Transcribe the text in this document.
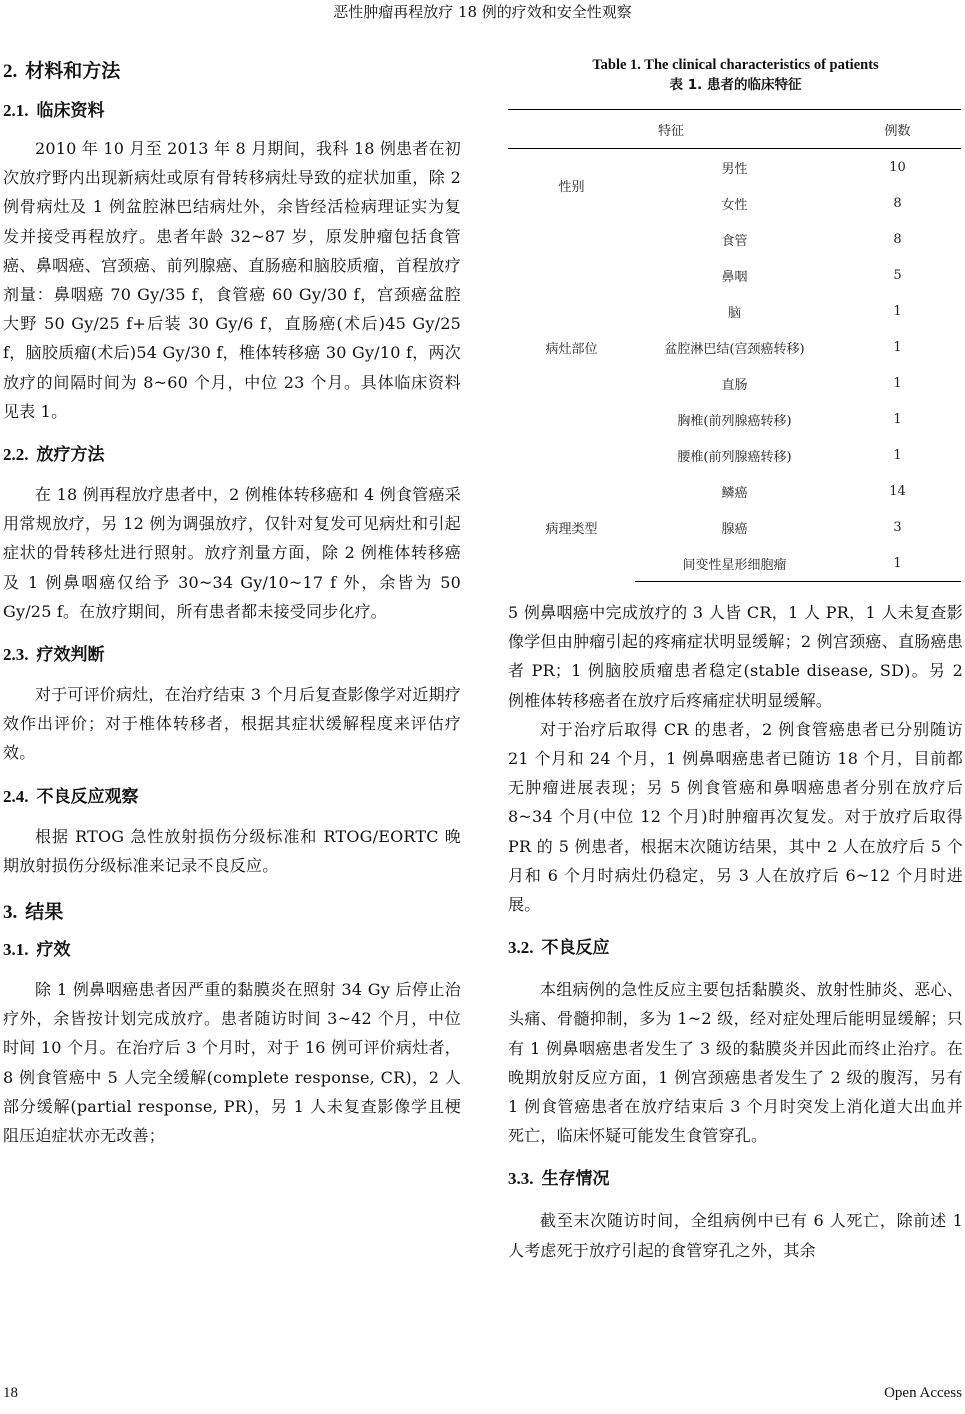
恶性肿瘤再程放疗 18 例的疗效和安全性观察
2. 材料和方法
2.1. 临床资料

2010 年 10 月至 2013 年 8 月期间，我科 18 例患者在初次放疗野内出现新病灶或原有骨转移病灶导致的症状加重，除 2 例骨病灶及 1 例盆腔淋巴结病灶外，余皆经活检病理证实为复发并接受再程放疗。患者年龄 32~87 岁，原发肿瘤包括食管癌、鼻咽癌、宫颈癌、前列腺癌、直肠癌和脑胶质瘤，首程放疗剂量：鼻咽癌 70 Gy/35 f，食管癌 60 Gy/30 f，宫颈癌盆腔大野 50 Gy/25 f+后装 30 Gy/6 f，直肠癌(术后)45 Gy/25 f，脑胶质瘤(术后)54 Gy/30 f，椎体转移癌 30 Gy/10 f，两次放疗的间隔时间为 8~60 个月，中位 23 个月。具体临床资料见表 1。

2.2. 放疗方法

在 18 例再程放疗患者中，2 例椎体转移癌和 4 例食管癌采用常规放疗，另 12 例为调强放疗，仅针对复发可见病灶和引起症状的骨转移灶进行照射。放疗剂量方面，除 2 例椎体转移癌及 1 例鼻咽癌仅给予 30~34 Gy/10~17 f 外，余皆为 50 Gy/25 f。在放疗期间，所有患者都未接受同步化疗。

2.3. 疗效判断

对于可评价病灶，在治疗结束 3 个月后复查影像学对近期疗效作出评价；对于椎体转移者，根据其症状缓解程度来评估疗效。

2.4. 不良反应观察

根据 RTOG 急性放射损伤分级标准和 RTOG/EORTC 晚期放射损伤分级标准来记录不良反应。

3. 结果
3.1. 疗效

除 1 例鼻咽癌患者因严重的黏膜炎在照射 34 Gy 后停止治疗外，余皆按计划完成放疗。患者随访时间 3~42 个月，中位时间 10 个月。在治疗后 3 个月时，对于 16 例可评价病灶者，8 例食管癌中 5 人完全缓解(complete response, CR)，2 人部分缓解(partial response, PR)，另 1 人未复查影像学且梗阻压迫症状亦无改善；

Table 1. The clinical characteristics of patients
表 1. 患者的临床特征
特征		例数
性别	男性	10
	女性	8
病灶部位	食管	8
	鼻咽	5
	脑	1
	盆腔淋巴结(宫颈癌转移)	1
	直肠	1
	胸椎(前列腺癌转移)	1
	腰椎(前列腺癌转移)	1
病理类型	鳞癌	14
	腺癌	3
	间变性星形细胞瘤	1

5 例鼻咽癌中完成放疗的 3 人皆 CR，1 人 PR，1 人未复查影像学但由肿瘤引起的疼痛症状明显缓解；2 例宫颈癌、直肠癌患者 PR；1 例脑胶质瘤患者稳定(stable disease, SD)。另 2 例椎体转移癌者在放疗后疼痛症状明显缓解。

对于治疗后取得 CR 的患者，2 例食管癌患者已分别随访 21 个月和 24 个月，1 例鼻咽癌患者已随访 18 个月，目前都无肿瘤进展表现；另 5 例食管癌和鼻咽癌患者分别在放疗后 8~34 个月(中位 12 个月)时肿瘤再次复发。对于放疗后取得 PR 的 5 例患者，根据末次随访结果，其中 2 人在放疗后 5 个月和 6 个月时病灶仍稳定，另 3 人在放疗后 6~12 个月时进展。

3.2. 不良反应

本组病例的急性反应主要包括黏膜炎、放射性肺炎、恶心、头痛、骨髓抑制，多为 1~2 级，经对症处理后能明显缓解；只有 1 例鼻咽癌患者发生了 3 级的黏膜炎并因此而终止治疗。在晚期放射反应方面，1 例宫颈癌患者发生了 2 级的腹泻，另有 1 例食管癌患者在放疗结束后 3 个月时突发上消化道大出血并死亡，临床怀疑可能发生食管穿孔。

3.3. 生存情况

截至末次随访时间，全组病例中已有 6 人死亡，除前述 1 人考虑死于放疗引起的食管穿孔之外，其余

18	Open Access
